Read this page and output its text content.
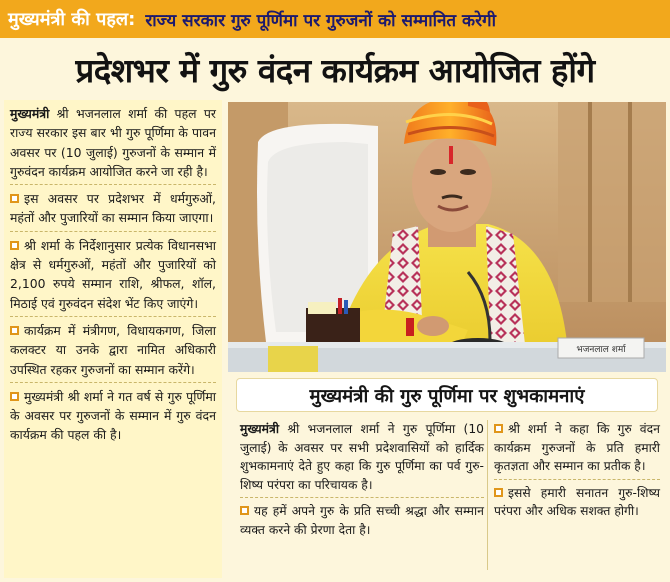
मुख्यमंत्री की पहल: राज्य सरकार गुरु पूर्णिमा पर गुरुजनों को सम्मानित करेगी
प्रदेशभर में गुरु वंदन कार्यक्रम आयोजित होंगे

मुख्यमंत्री श्री भजनलाल शर्मा की पहल पर राज्य सरकार इस बार भी गुरु पूर्णिमा के पावन अवसर पर (10 जुलाई) गुरुजनों के सम्मान में गुरुवंदन कार्यक्रम आयोजित करने जा रही है।

इस अवसर पर प्रदेशभर में धर्मगुरुओं, महंतों और पुजारियों का सम्मान किया जाएगा।

श्री शर्मा के निर्देशानुसार प्रत्येक विधानसभा क्षेत्र से धर्मगुरुओं, महंतों और पुजारियों को 2,100 रुपये सम्मान राशि, श्रीफल, शॉल, मिठाई एवं गुरुवंदन संदेश भेंट किए जाएंगे।

कार्यक्रम में मंत्रीगण, विधायकगण, जिला कलक्टर या उनके द्वारा नामित अधिकारी उपस्थित रहकर गुरुजनों का सम्मान करेंगे।

मुख्यमंत्री श्री शर्मा ने गत वर्ष से गुरु पूर्णिमा के अवसर पर गुरुजनों के सम्मान में गुरु वंदन कार्यक्रम की पहल की है।

भजनलाल शर्मा
मुख्यमंत्री की गुरु पूर्णिमा पर शुभकामनाएं

मुख्यमंत्री श्री भजनलाल शर्मा ने गुरु पूर्णिमा (10 जुलाई) के अवसर पर सभी प्रदेशवासियों को हार्दिक शुभकामनाएं देते हुए कहा कि गुरु पूर्णिमा का पर्व गुरु-शिष्य परंपरा का परिचायक है।

यह हमें अपने गुरु के प्रति सच्ची श्रद्धा और सम्मान व्यक्त करने की प्रेरणा देता है।

श्री शर्मा ने कहा कि गुरु वंदन कार्यक्रम गुरुजनों के प्रति हमारी कृतज्ञता और सम्मान का प्रतीक है।

इससे हमारी सनातन गुरु-शिष्य परंपरा और अधिक सशक्त होगी।
